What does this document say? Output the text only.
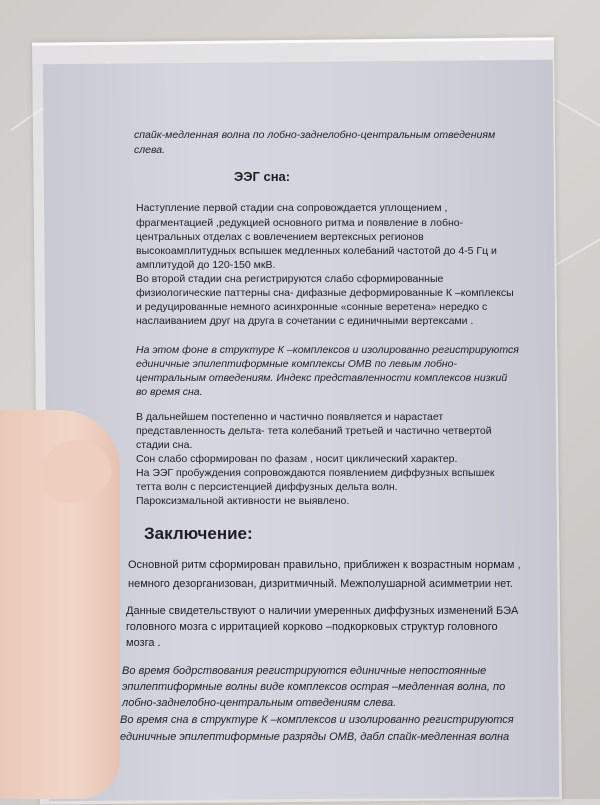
спайк-медленная волна по лобно-заднелобно-центральным отведениям
слева.
ЭЭГ сна:
Наступление первой стадии сна сопровождается уплощением ,
фрагментацией ,редукцией основного ритма и появление в лобно-
центральных отделах с вовлечением вертексных регионов
высокоамплитудных вспышек медленных колебаний частотой до 4-5 Гц и
амплитудой до 120-150 мкВ.
Во второй стадии сна регистрируются слабо сформированные
физиологические паттерны сна- дифазные деформированные К –комплексы
и редуцированные немного асинхронные «сонные веретена» нередко с
наслаиванием друг на друга в сочетании с единичными вертексами .
На этом фоне в структуре К –комплексов и изолированно регистрируются
единичные эпилептиформные комплексы ОМВ по левым лобно-
центральным отведениям. Индекс представленности комплексов низкий
во время сна.
В дальнейшем постепенно и частично появляется и нарастает
представленность дельта- тета колебаний третьей и частично четвертой
стадии сна.
Сон слабо сформирован по фазам , носит циклический характер.
На ЭЭГ пробуждения сопровождаются появлением диффузных вспышек
тетта волн с персистенцией диффузных дельта волн.
Пароксизмальной активности не выявлено.
Заключение:
Основной ритм сформирован правильно, приближен к возрастным нормам ,
немного дезорганизован, дизритмичный. Межполушарной асимметрии нет.
Данные свидетельствуют о наличии умеренных диффузных изменений БЭА
головного мозга с ирритацией корково –подкорковых структур головного
мозга .
Во время бодрствования регистрируются единичные непостоянные
эпилептиформные волны виде комплексов острая –медленная волна, по
лобно-заднелобно-центральным отведениям слева.
Во время сна в структуре К –комплексов и изолированно регистрируются
единичные эпилептиформные разряды ОМВ, дабл спайк-медленная волна
